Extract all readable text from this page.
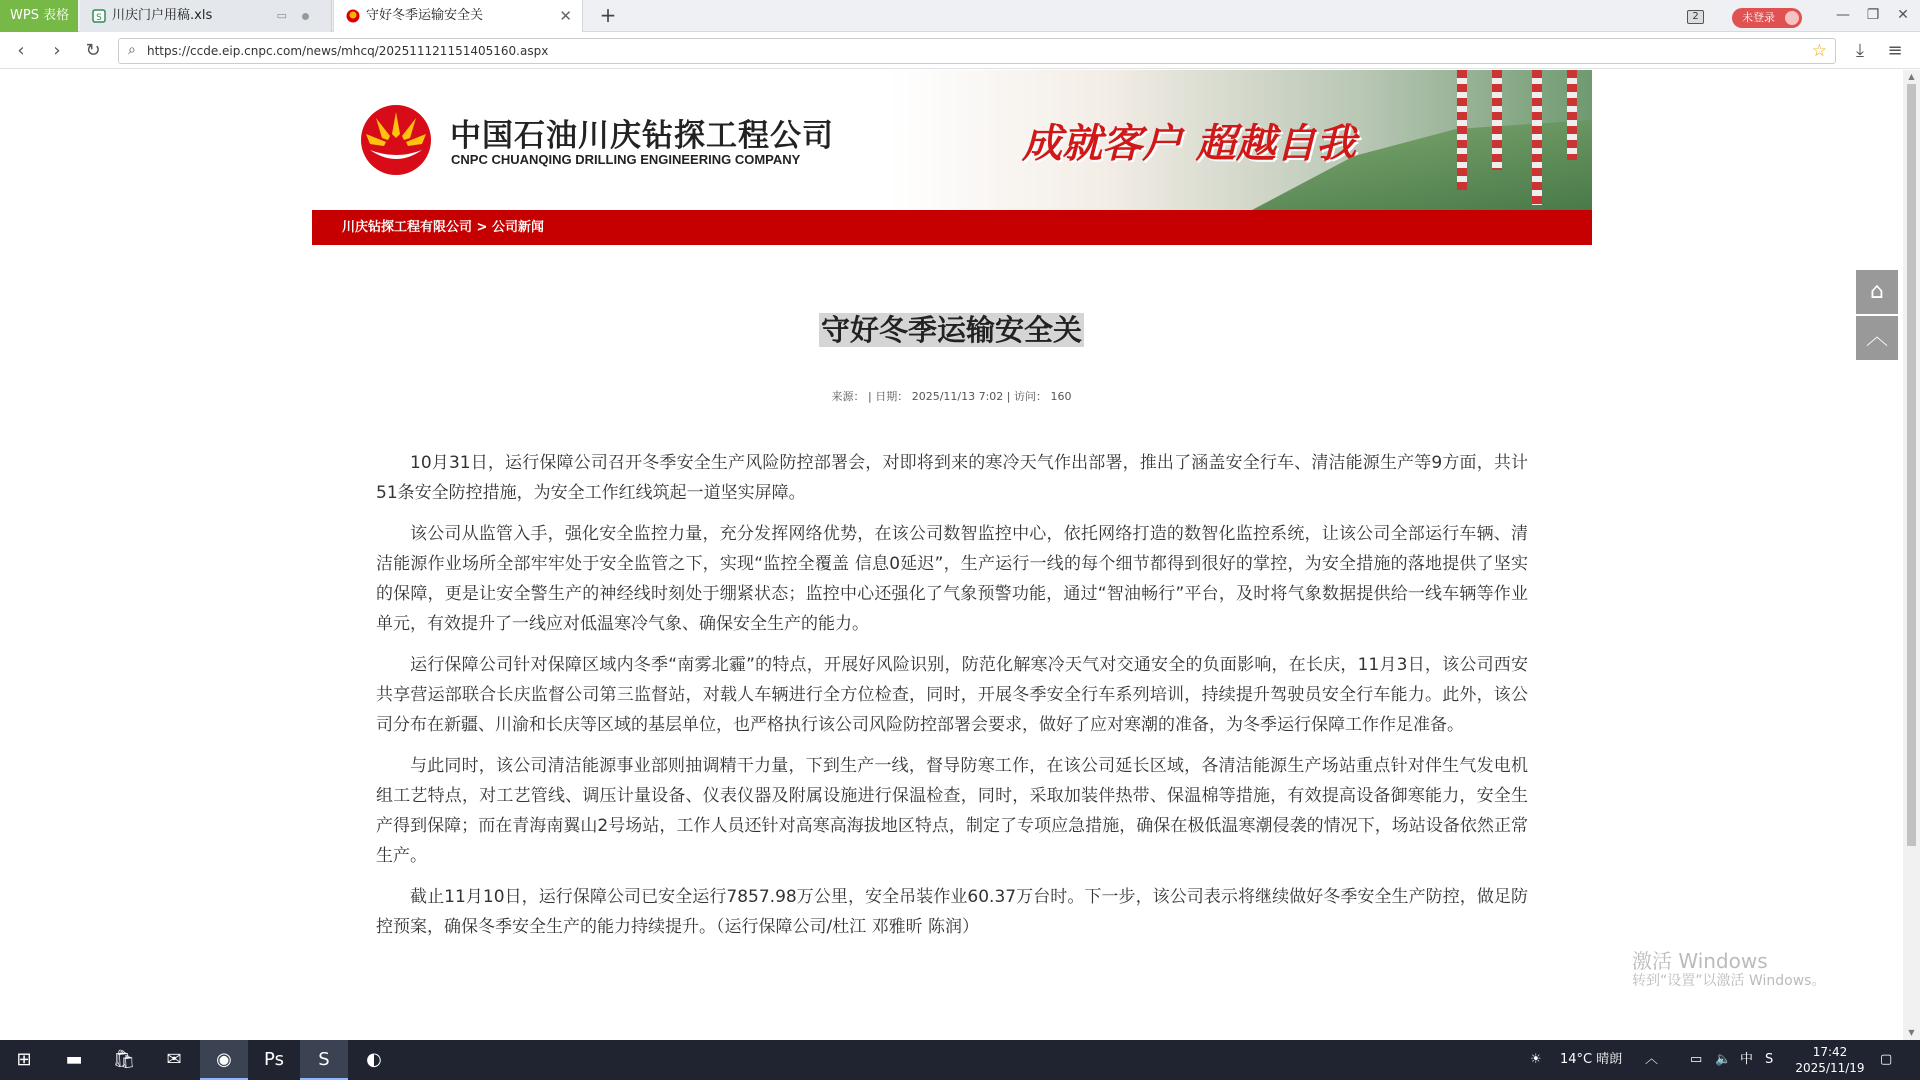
WPS 表格	S 川庆门户用稿.xls	▭	守好冬季运输安全关	✕ +	2	未登录	—	❐	✕
‹	›	↻	⌕ https://ccde.eip.cnpc.com/news/mhcq/20251112115140516​0.aspx	☆	⤓	≡
中国石油川庆钻探工程公司
CNPC CHUANQING DRILLING ENGINEERING COMPANY	成就客户 超越自我
川庆钻探工程有限公司 > 公司新闻
守好冬季运输安全关
来源： | 日期： 2025/11/13 7:02 | 访问： 160

10月31日，运行保障公司召开冬季安全生产风险防控部署会，对即将到来的寒冷天气作出部署，推出了涵盖安全行车、清洁能源生产等9方面，共计51条安全防控措施，为安全工作红线筑起一道坚实屏障。

该公司从监管入手，强化安全监控力量，充分发挥网络优势，在该公司数智监控中心，依托网络打造的数智化监控系统，让该公司全部运行车辆、清洁能源作业场所全部牢牢处于安全监管之下，实现“监控全覆盖 信息0延迟”，生产运行一线的每个细节都得到很好的掌控，为安全措施的落地提供了坚实的保障，更是让安全警生产的神经线时刻处于绷紧状态；监控中心还强化了气象预警功能，通过“智油畅行”平台，及时将气象数据提供给一线车辆等作业单元，有效提升了一线应对低温寒冷气象、确保安全生产的能力。

运行保障公司针对保障区域内冬季“南雾北霾”的特点，开展好风险识别，防范化解寒冷天气对交通安全的负面影响，在长庆，11月3日，该公司西安共享营运部联合长庆监督公司第三监督站，对载人车辆进行全方位检查，同时，开展冬季安全行车系列培训，持续提升驾驶员安全行车能力。此外，该公司分布在新疆、川渝和长庆等区域的基层单位，也严格执行该公司风险防控部署会要求，做好了应对寒潮的准备，为冬季运行保障工作作足准备。

与此同时，该公司清洁能源事业部则抽调精干力量，下到生产一线，督导防寒工作，在该公司延长区域，各清洁能源生产场站重点针对伴生气发电机组工艺特点，对工艺管线、调压计量设备、仪表仪器及附属设施进行保温检查，同时，采取加装伴热带、保温棉等措施，有效提高设备御寒能力，安全生产得到保障；而在青海南翼山2号场站，工作人员还针对高寒高海拔地区特点，制定了专项应急措施，确保在极低温寒潮侵袭的情况下，场站设备依然正常生产。

截止11月10日，运行保障公司已安全运行7857.98万公里，安全吊装作业60.37万台时。下一步，该公司表示将继续做好冬季安全生产防控，做足防控预案，确保冬季安全生产的能力持续提升。（运行保障公司/杜江 邓雅昕 陈润）

⌂
︿
激活 Windows
转到“设置”以激活 Windows。
▲
▼
⊞	▬	🛍	✉	◉	Ps	S	◐	☀ 14°C 晴朗 ︿ ▭ 🔈 中 S	17:42
2025/11/19
▢
